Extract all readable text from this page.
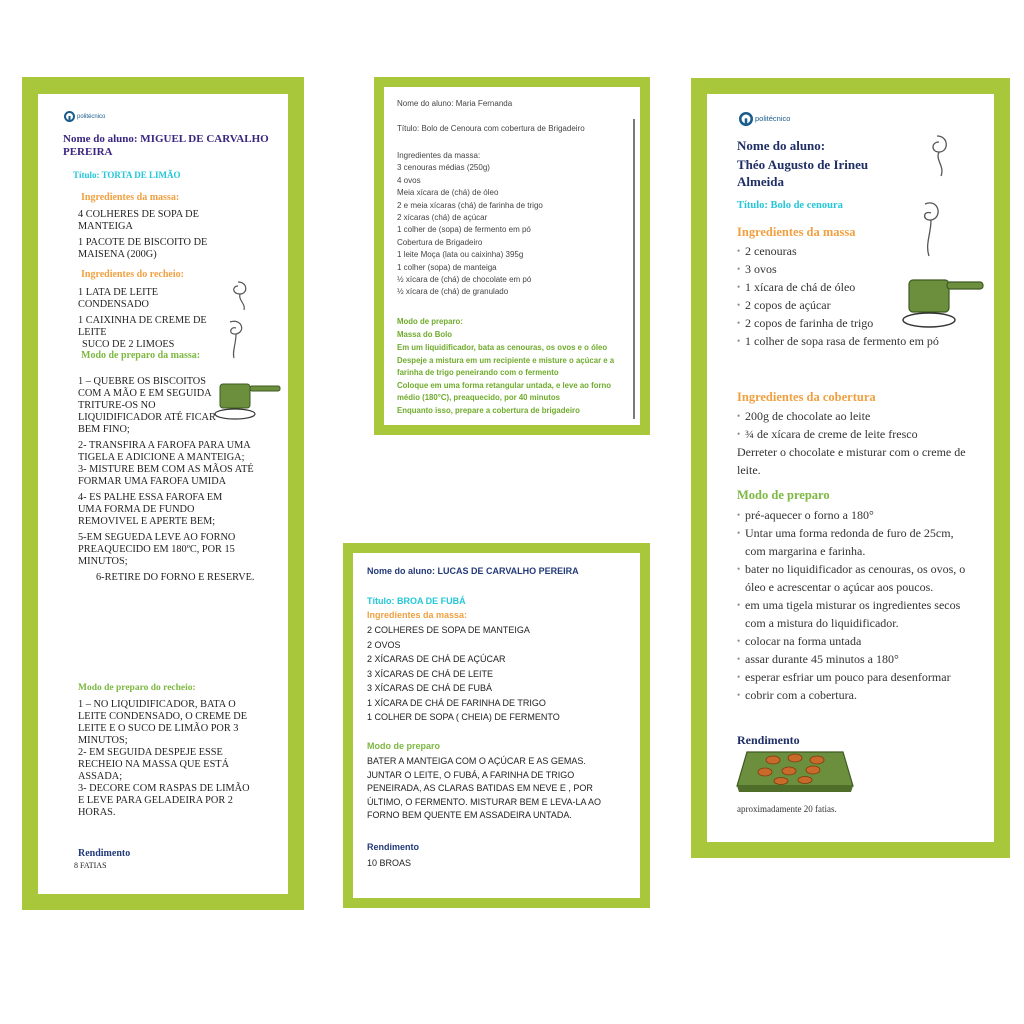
politécnico
Nome do aluno: MIGUEL DE CARVALHO PEREIRA
Título: TORTA DE LIMÃO
Ingredientes da massa:

4 COLHERES DE SOPA DE MANTEIGA

1 PACOTE DE BISCOITO DE MAISENA (200G)

Ingredientes do recheio:

1 LATA DE LEITE CONDENSADO

1 CAIXINHA DE CREME DE LEITE

SUCO DE 2 LIMOES

Modo de preparo da massa:

1 – QUEBRE OS BISCOITOS COM A MÃO E EM SEGUIDA TRITURE-OS NO LIQUIDIFICADOR ATÉ FICAR BEM FINO;

2- TRANSFIRA A FAROFA PARA UMA TIGELA E ADICIONE A MANTEIGA;

3- MISTURE BEM COM AS MÃOS ATÉ FORMAR UMA FAROFA UMIDA

4- ES PALHE ESSA FAROFA EM UMA FORMA DE FUNDO REMOVIVEL E APERTE BEM;

5-EM SEGUEDA LEVE AO FORNO PREAQUECIDO EM 180ºC, POR 15 MINUTOS;

6-RETIRE DO FORNO E RESERVE.

Modo de preparo do recheio:

1 – NO LIQUIDIFICADOR, BATA O LEITE CONDENSADO, O CREME DE LEITE E O SUCO DE LIMÃO POR 3 MINUTOS;

2- EM SEGUIDA DESPEJE ESSE RECHEIO NA MASSA QUE ESTÁ ASSADA;

3- DECORE COM RASPAS DE LIMÃO E LEVE PARA GELADEIRA POR 2 HORAS.

Rendimento
8 FATIAS
Nome do aluno: Maria Fernanda
Título: Bolo de Cenoura com cobertura de Brigadeiro
Ingredientes da massa:
3 cenouras médias (250g)
4 ovos
Meia xícara de (chá) de óleo
2 e meia xícaras (chá) de farinha de trigo
2 xícaras (chá) de açúcar
1 colher de (sopa) de fermento em pó
Cobertura de Brigadeiro
1 leite Moça (lata ou caixinha) 395g
1 colher (sopa) de manteiga
½ xícara de (chá) de chocolate em pó
½ xícara de (chá) de granulado
Modo de preparo:
Massa do Bolo
Em um liquidificador, bata as cenouras, os ovos e o óleo
Despeje a mistura em um recipiente e misture o açúcar e a farinha de trigo peneirando com o fermento
Coloque em uma forma retangular untada, e leve ao forno médio (180°C), preaquecido, por 40 minutos
Enquanto isso, prepare a cobertura de brigadeiro
Nome do aluno: LUCAS DE CARVALHO PEREIRA
Título: BROA DE FUBÁ
Ingredientes da massa:
2 COLHERES DE SOPA DE MANTEIGA
2 OVOS
2 XÍCARAS DE CHÁ DE AÇÚCAR
3 XÍCARAS DE CHÁ DE LEITE
3 XÍCARAS DE CHÁ DE FUBÁ
1 XÍCARA DE CHÁ DE FARINHA DE TRIGO
1 COLHER DE SOPA ( CHEIA) DE FERMENTO
Modo de preparo
BATER A MANTEIGA COM O AÇÚCAR E AS GEMAS. JUNTAR O LEITE, O FUBÁ, A FARINHA DE TRIGO PENEIRADA, AS CLARAS BATIDAS EM NEVE E , POR ÚLTIMO, O FERMENTO. MISTURAR BEM E LEVA-LA AO FORNO BEM QUENTE EM ASSADEIRA UNTADA.
Rendimento
10 BROAS
politécnico
Nome do aluno:
Théo Augusto de Irineu Almeida
Título: Bolo de cenoura
Ingredientes da massa
• 2 cenouras
• 3 ovos
• 1 xícara de chá de óleo
• 2 copos de açúcar
• 2 copos de farinha de trigo
• 1 colher de sopa rasa de fermento em pó
Ingredientes da cobertura
• 200g de chocolate ao leite
• ¾ de xícara de creme de leite fresco
Derreter o chocolate e misturar com o creme de leite.
Modo de preparo
• pré-aquecer o forno a 180°
• Untar uma forma redonda de furo de 25cm, com margarina e farinha.
• bater no liquidificador as cenouras, os ovos, o óleo e acrescentar o açúcar aos poucos.
• em uma tigela misturar os ingredientes secos com a mistura do liquidificador.
• colocar na forma untada
• assar durante 45 minutos a 180°
• esperar esfriar um pouco para desenformar
• cobrir com a cobertura.
Rendimento
aproximadamente 20 fatias.
